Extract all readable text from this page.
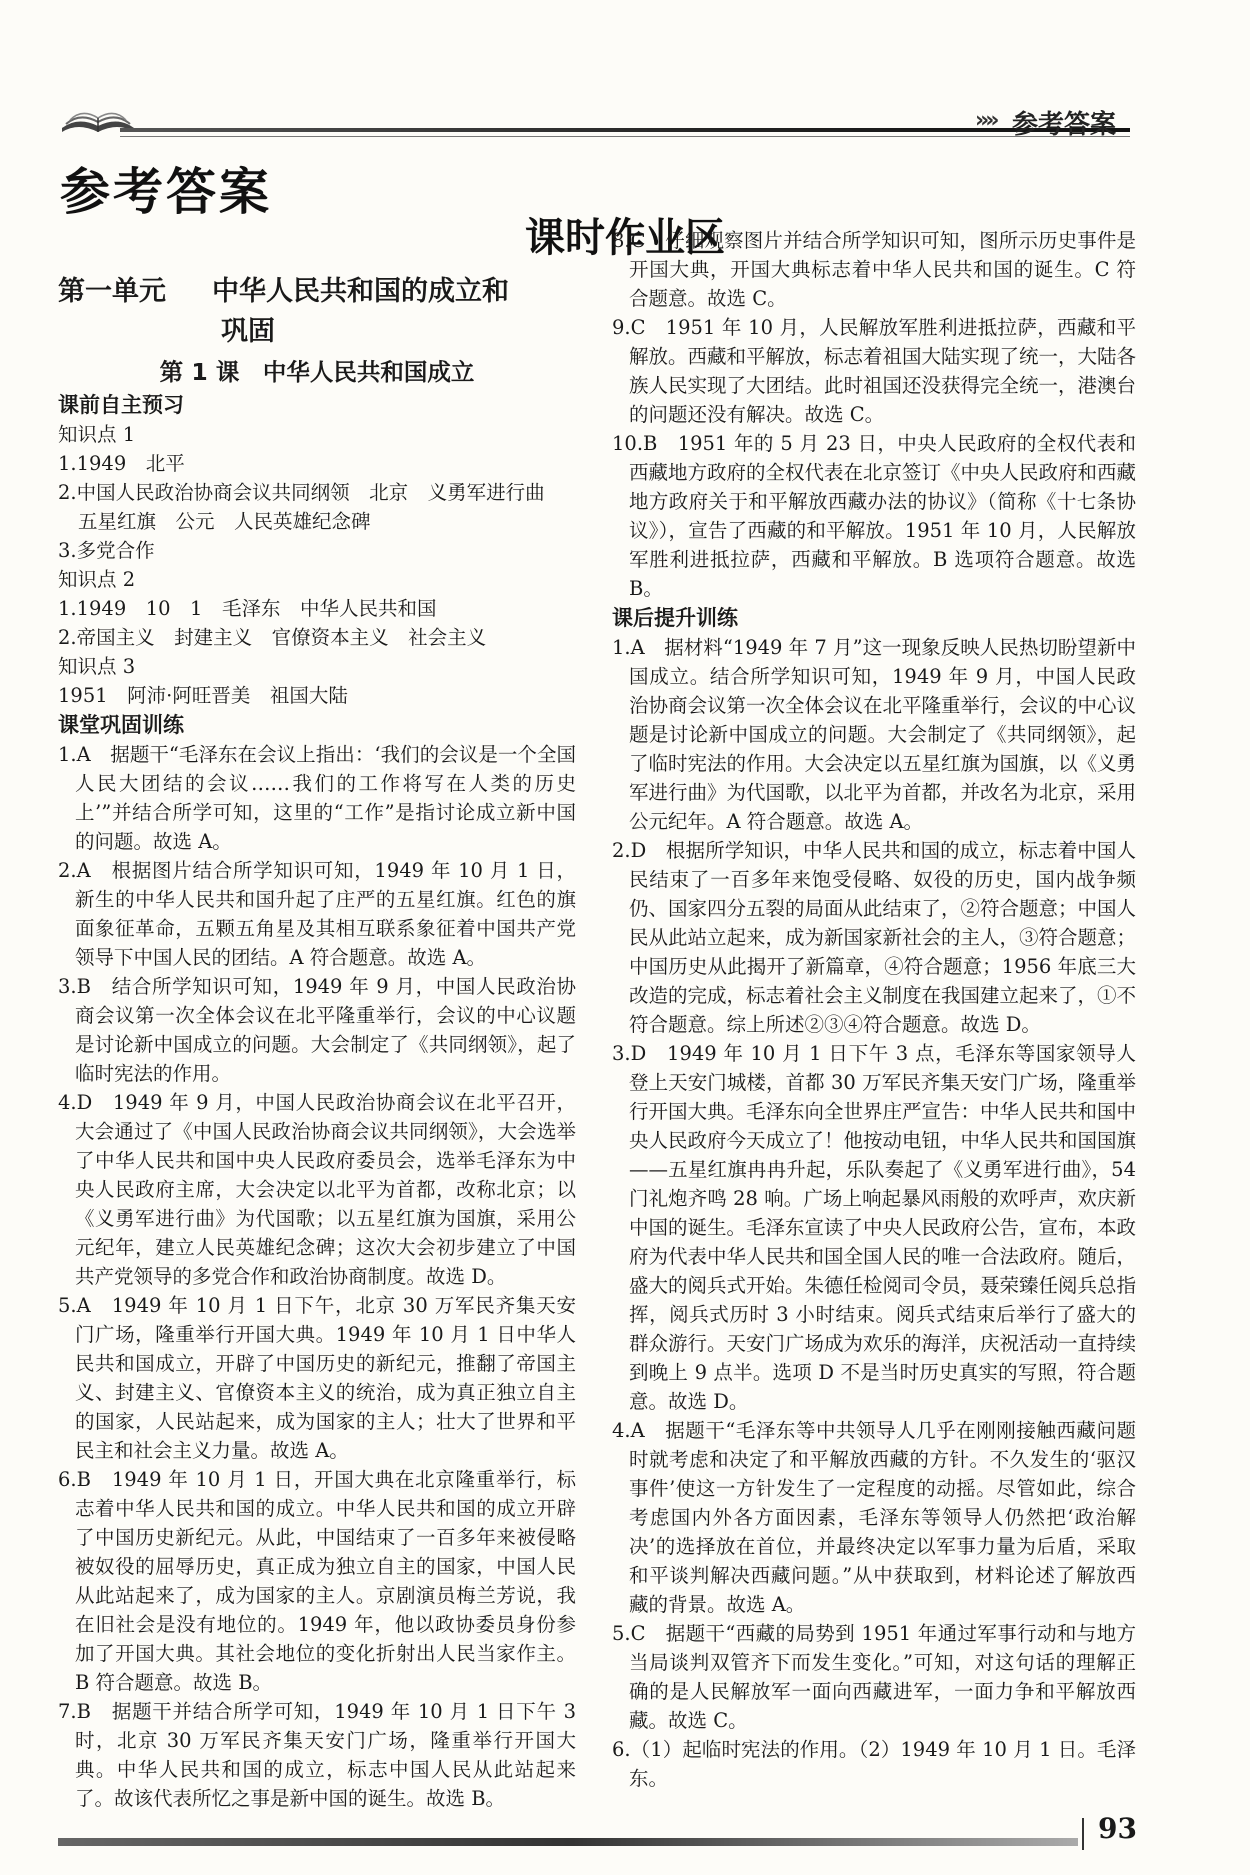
»» 参考答案
参考答案
课时作业区
第一单元 中华人民共和国的成立和
巩固
第 1 课　中华人民共和国成立
课前自主预习
知识点 1
1.1949　北平
2.中国人民政治协商会议共同纲领　北京　义勇军进行曲
五星红旗　公元　人民英雄纪念碑
3.多党合作
知识点 2
1.1949　10　1　毛泽东　中华人民共和国
2.帝国主义　封建主义　官僚资本主义　社会主义
知识点 3
1951　阿沛·阿旺晋美　祖国大陆
课堂巩固训练
1.A　据题干“毛泽东在会议上指出：‘我们的会议是一个全国人民大团结的会议……我们的工作将写在人类的历史上’”并结合所学可知，这里的“工作”是指讨论成立新中国的问题。故选 A。
2.A　根据图片结合所学知识可知，1949 年 10 月 1 日，新生的中华人民共和国升起了庄严的五星红旗。红色的旗面象征革命，五颗五角星及其相互联系象征着中国共产党领导下中国人民的团结。A 符合题意。故选 A。
3.B　结合所学知识可知，1949 年 9 月，中国人民政治协商会议第一次全体会议在北平隆重举行，会议的中心议题是讨论新中国成立的问题。大会制定了《共同纲领》，起了临时宪法的作用。
4.D　1949 年 9 月，中国人民政治协商会议在北平召开，大会通过了《中国人民政治协商会议共同纲领》，大会选举了中华人民共和国中央人民政府委员会，选举毛泽东为中央人民政府主席，大会决定以北平为首都，改称北京；以《义勇军进行曲》为代国歌；以五星红旗为国旗，采用公元纪年，建立人民英雄纪念碑；这次大会初步建立了中国共产党领导的多党合作和政治协商制度。故选 D。
5.A　1949 年 10 月 1 日下午，北京 30 万军民齐集天安门广场，隆重举行开国大典。1949 年 10 月 1 日中华人民共和国成立，开辟了中国历史的新纪元，推翻了帝国主义、封建主义、官僚资本主义的统治，成为真正独立自主的国家，人民站起来，成为国家的主人；壮大了世界和平民主和社会主义力量。故选 A。
6.B　1949 年 10 月 1 日，开国大典在北京隆重举行，标志着中华人民共和国的成立。中华人民共和国的成立开辟了中国历史新纪元。从此，中国结束了一百多年来被侵略被奴役的屈辱历史，真正成为独立自主的国家，中国人民从此站起来了，成为国家的主人。京剧演员梅兰芳说，我在旧社会是没有地位的。1949 年，他以政协委员身份参加了开国大典。其社会地位的变化折射出人民当家作主。B 符合题意。故选 B。
7.B　据题干并结合所学可知，1949 年 10 月 1 日下午 3 时，北京 30 万军民齐集天安门广场，隆重举行开国大典。中华人民共和国的成立，标志中国人民从此站起来了。故该代表所忆之事是新中国的诞生。故选 B。
8.C　仔细观察图片并结合所学知识可知，图所示历史事件是开国大典，开国大典标志着中华人民共和国的诞生。C 符合题意。故选 C。
9.C　1951 年 10 月，人民解放军胜利进抵拉萨，西藏和平解放。西藏和平解放，标志着祖国大陆实现了统一，大陆各族人民实现了大团结。此时祖国还没获得完全统一，港澳台的问题还没有解决。故选 C。
10.B　1951 年的 5 月 23 日，中央人民政府的全权代表和西藏地方政府的全权代表在北京签订《中央人民政府和西藏地方政府关于和平解放西藏办法的协议》（简称《十七条协议》），宣告了西藏的和平解放。1951 年 10 月，人民解放军胜利进抵拉萨，西藏和平解放。B 选项符合题意。故选 B。
课后提升训练
1.A　据材料“1949 年 7 月”这一现象反映人民热切盼望新中国成立。结合所学知识可知，1949 年 9 月，中国人民政治协商会议第一次全体会议在北平隆重举行，会议的中心议题是讨论新中国成立的问题。大会制定了《共同纲领》，起了临时宪法的作用。大会决定以五星红旗为国旗，以《义勇军进行曲》为代国歌，以北平为首都，并改名为北京，采用公元纪年。A 符合题意。故选 A。
2.D　根据所学知识，中华人民共和国的成立，标志着中国人民结束了一百多年来饱受侵略、奴役的历史，国内战争频仍、国家四分五裂的局面从此结束了，②符合题意；中国人民从此站立起来，成为新国家新社会的主人，③符合题意；中国历史从此揭开了新篇章，④符合题意；1956 年底三大改造的完成，标志着社会主义制度在我国建立起来了，①不符合题意。综上所述②③④符合题意。故选 D。
3.D　1949 年 10 月 1 日下午 3 点，毛泽东等国家领导人登上天安门城楼，首都 30 万军民齐集天安门广场，隆重举行开国大典。毛泽东向全世界庄严宣告：中华人民共和国中央人民政府今天成立了！他按动电钮，中华人民共和国国旗——五星红旗冉冉升起，乐队奏起了《义勇军进行曲》，54 门礼炮齐鸣 28 响。广场上响起暴风雨般的欢呼声，欢庆新中国的诞生。毛泽东宣读了中央人民政府公告，宣布，本政府为代表中华人民共和国全国人民的唯一合法政府。随后，盛大的阅兵式开始。朱德任检阅司令员，聂荣臻任阅兵总指挥，阅兵式历时 3 小时结束。阅兵式结束后举行了盛大的群众游行。天安门广场成为欢乐的海洋，庆祝活动一直持续到晚上 9 点半。选项 D 不是当时历史真实的写照，符合题意。故选 D。
4.A　据题干“毛泽东等中共领导人几乎在刚刚接触西藏问题时就考虑和决定了和平解放西藏的方针。不久发生的‘驱汉事件’使这一方针发生了一定程度的动摇。尽管如此，综合考虑国内外各方面因素，毛泽东等领导人仍然把‘政治解决’的选择放在首位，并最终决定以军事力量为后盾，采取和平谈判解决西藏问题。”从中获取到，材料论述了解放西藏的背景。故选 A。
5.C　据题干“西藏的局势到 1951 年通过军事行动和与地方当局谈判双管齐下而发生变化。”可知，对这句话的理解正确的是人民解放军一面向西藏进军，一面力争和平解放西藏。故选 C。
6.（1）起临时宪法的作用。（2）1949 年 10 月 1 日。毛泽东。
93
